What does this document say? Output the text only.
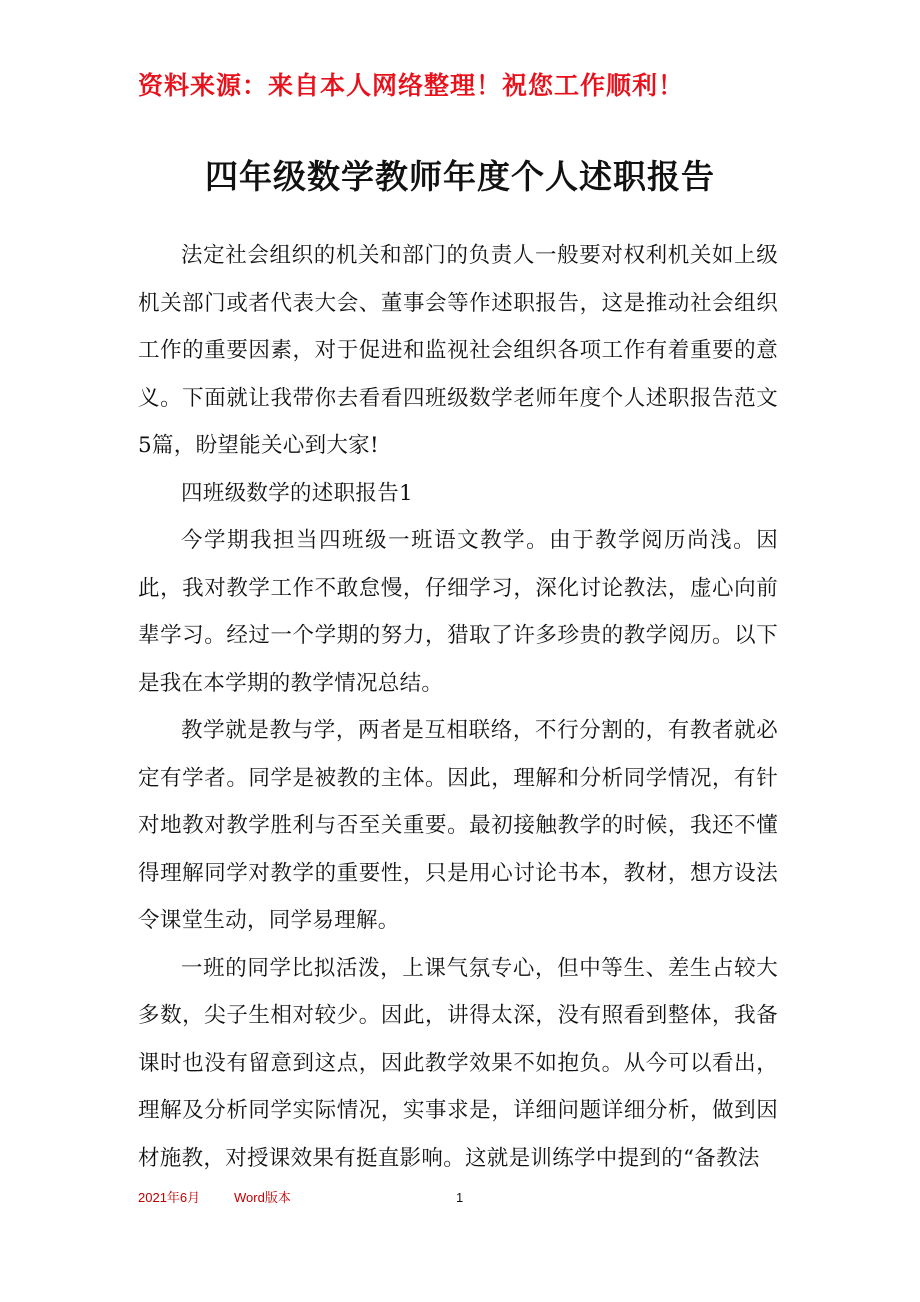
资料来源：来自本人网络整理！祝您工作顺利！
四年级数学教师年度个人述职报告

法定社会组织的机关和部门的负责人一般要对权利机关如上级机关部门或者代表大会、董事会等作述职报告，这是推动社会组织工作的重要因素，对于促进和监视社会组织各项工作有着重要的意义。下面就让我带你去看看四班级数学老师年度个人述职报告范文5篇，盼望能关心到大家!

四班级数学的述职报告1

今学期我担当四班级一班语文教学。由于教学阅历尚浅。因此，我对教学工作不敢怠慢，仔细学习，深化讨论教法，虚心向前辈学习。经过一个学期的努力，猎取了许多珍贵的教学阅历。以下是我在本学期的教学情况总结。

教学就是教与学，两者是互相联络，不行分割的，有教者就必定有学者。同学是被教的主体。因此，理解和分析同学情况，有针对地教对教学胜利与否至关重要。最初接触教学的时候，我还不懂得理解同学对教学的重要性，只是用心讨论书本，教材，想方设法令课堂生动，同学易理解。

一班的同学比拟活泼，上课气氛专心，但中等生、差生占较大多数，尖子生相对较少。因此，讲得太深，没有照看到整体，我备课时也没有留意到这点，因此教学效果不如抱负。从今可以看出，理解及分析同学实际情况，实事求是，详细问题详细分析，做到因材施教，对授课效果有挺直影响。这就是训练学中提到的“备教法

2021年6月	Word版本	1
